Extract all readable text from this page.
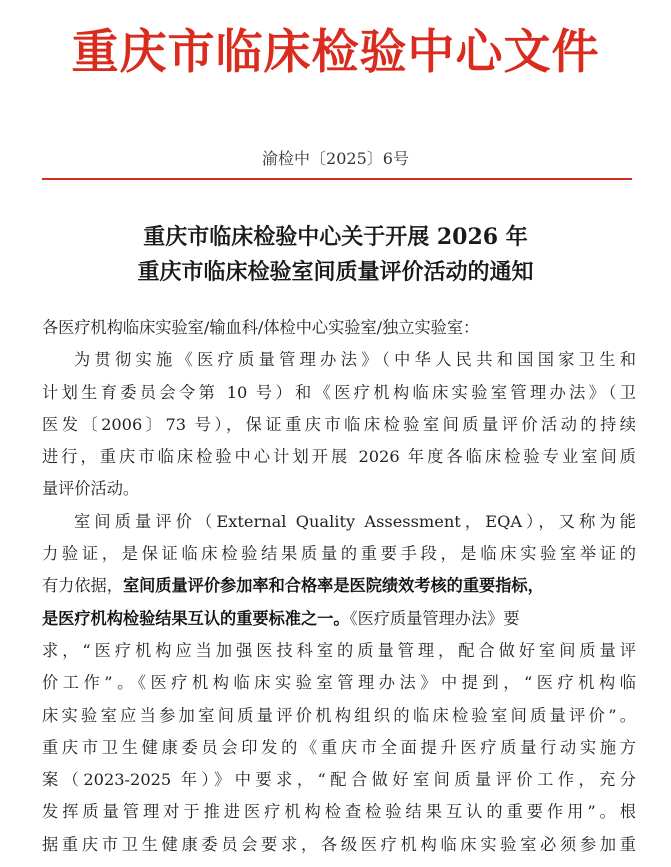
重庆市临床检验中心文件
渝检中〔2025〕6号
重庆市临床检验中心关于开展 2026 年
重庆市临床检验室间质量评价活动的通知
各医疗机构临床实验室/输血科/体检中心实验室/独立实验室：
为贯彻实施《医疗质量管理办法》（中华人民共和国国家卫生和
计划生育委员会令第 10 号）和《医疗机构临床实验室管理办法》（卫
医发〔2006〕73 号），保证重庆市临床检验室间质量评价活动的持续
进行，重庆市临床检验中心计划开展 2026 年度各临床检验专业室间质
量评价活动。
室间质量评价（External Quality Assessment，EQA），又称为能
力验证，是保证临床检验结果质量的重要手段，是临床实验室举证的
有力依据，室间质量评价参加率和合格率是医院绩效考核的重要指标，
是医疗机构检验结果互认的重要标准之一。《医疗质量管理办法》要
求，“医疗机构应当加强医技科室的质量管理，配合做好室间质量评
价工作”。《医疗机构临床实验室管理办法》中提到，“医疗机构临
床实验室应当参加室间质量评价机构组织的临床检验室间质量评价”。
重庆市卫生健康委员会印发的《重庆市全面提升医疗质量行动实施方
案（2023-2025 年）》中要求，“配合做好室间质量评价工作，充分
发挥质量管理对于推进医疗机构检查检验结果互认的重要作用”。根
据重庆市卫生健康委员会要求，各级医疗机构临床实验室必须参加重
